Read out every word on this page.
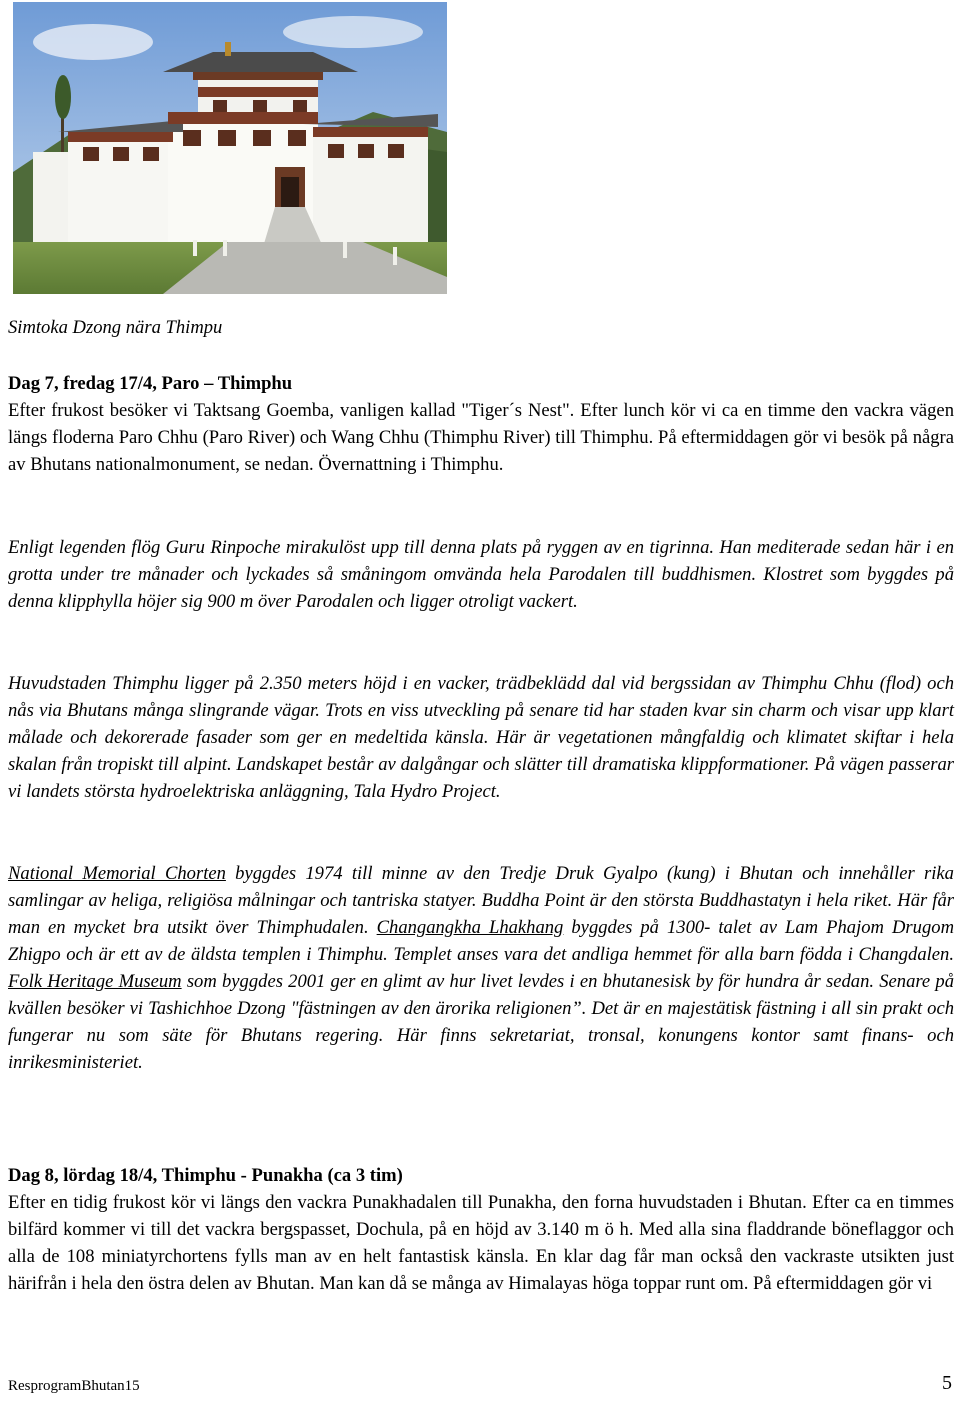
Simtoka Dzong nära Thimpu
Dag 7, fredag 17/4, Paro – Thimphu
Efter frukost besöker vi Taktsang Goemba, vanligen kallad "Tiger´s Nest". Efter lunch kör vi ca en timme den vackra vägen längs floderna Paro Chhu (Paro River) och Wang Chhu (Thimphu River) till Thimphu. På eftermiddagen gör vi besök på några av Bhutans nationalmonument, se nedan. Övernattning i Thimphu.
Enligt legenden flög Guru Rinpoche mirakulöst upp till denna plats på ryggen av en tigrinna. Han mediterade sedan här i en grotta under tre månader och lyckades så småningom omvända hela Parodalen till buddhismen. Klostret som byggdes på denna klipphylla höjer sig 900 m över Parodalen och ligger otroligt vackert.
Huvudstaden Thimphu ligger på 2.350 meters höjd i en vacker, trädbeklädd dal vid bergssidan av Thimphu Chhu (flod) och nås via Bhutans många slingrande vägar. Trots en viss utveckling på senare tid har staden kvar sin charm och visar upp klart målade och dekorerade fasader som ger en medeltida känsla. Här är vegetationen mångfaldig och klimatet skiftar i hela skalan från tropiskt till alpint. Landskapet består av dalgångar och slätter till dramatiska klippformationer. På vägen passerar vi landets största hydroelektriska anläggning, Tala Hydro Project.
National Memorial Chorten byggdes 1974 till minne av den Tredje Druk Gyalpo (kung) i Bhutan och innehåller rika samlingar av heliga, religiösa målningar och tantriska statyer. Buddha Point är den största Buddhastatyn i hela riket. Här får man en mycket bra utsikt över Thimphudalen. Changangkha Lhakhang byggdes på 1300- talet av Lam Phajom Drugom Zhigpo och är ett av de äldsta templen i Thimphu. Templet anses vara det andliga hemmet för alla barn födda i Changdalen. Folk Heritage Museum som byggdes 2001 ger en glimt av hur livet levdes i en bhutanesisk by för hundra år sedan. Senare på kvällen besöker vi Tashichhoe Dzong "fästningen av den ärorika religionen”. Det är en majestätisk fästning i all sin prakt och fungerar nu som säte för Bhutans regering. Här finns sekretariat, tronsal, konungens kontor samt finans- och inrikesministeriet.
Dag 8, lördag 18/4, Thimphu - Punakha (ca 3 tim)
Efter en tidig frukost kör vi längs den vackra Punakhadalen till Punakha, den forna huvudstaden i Bhutan. Efter ca en timmes bilfärd kommer vi till det vackra bergspasset, Dochula, på en höjd av 3.140 m ö h. Med alla sina fladdrande böneflaggor och alla de 108 miniatyrchortens fylls man av en helt fantastisk känsla. En klar dag får man också den vackraste utsikten just härifrån i hela den östra delen av Bhutan. Man kan då se många av Himalayas höga toppar runt om. På eftermiddagen gör vi
ResprogramBhutan15	5
